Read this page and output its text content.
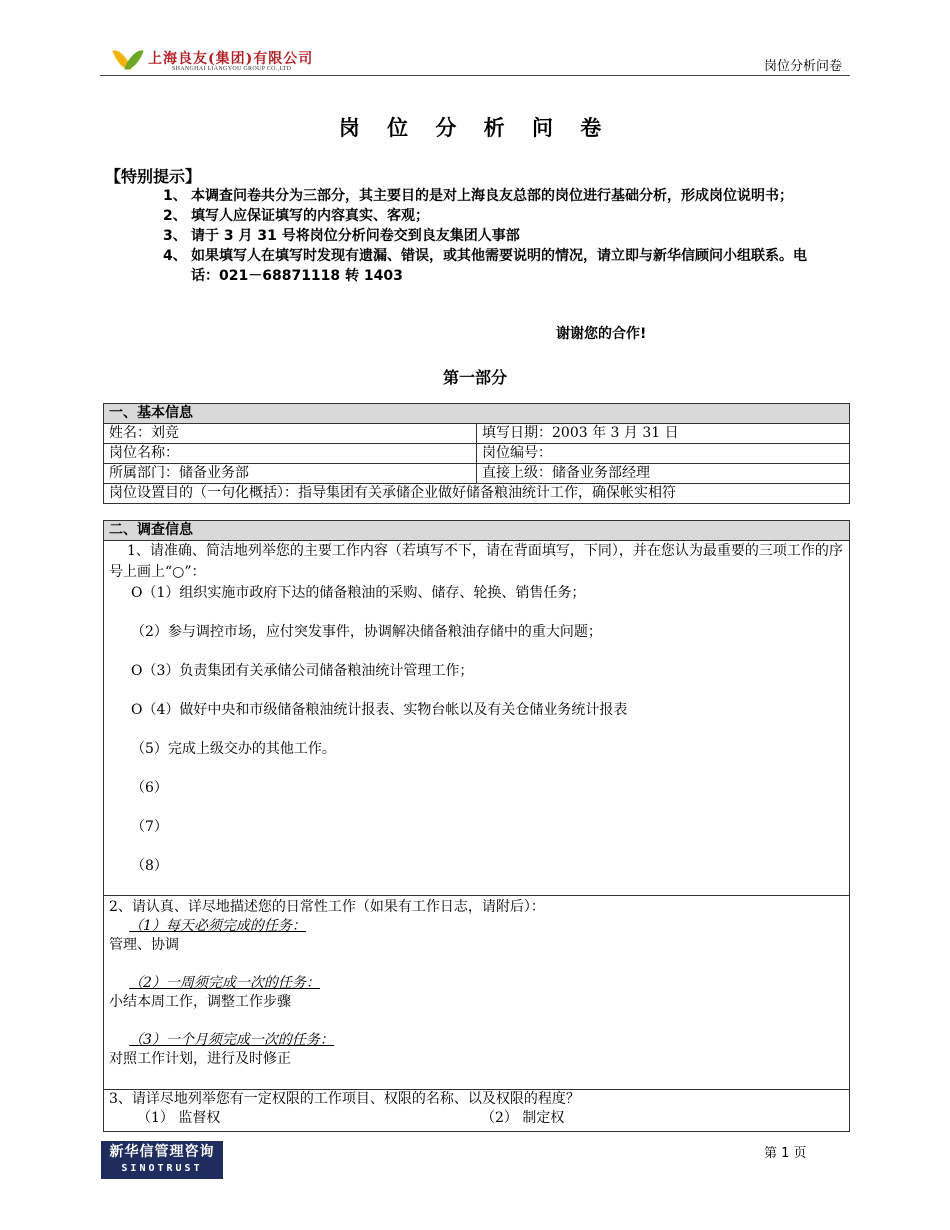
上海良友(集团)有限公司
SHANGHAI LIANGYOU GROUP CO.,LTD	岗位分析问卷
岗 位 分 析 问 卷
【特别提示】
1、 本调查问卷共分为三部分，其主要目的是对上海良友总部的岗位进行基础分析，形成岗位说明书；
2、 填写人应保证填写的内容真实、客观；
3、 请于 3 月 31 号将岗位分析问卷交到良友集团人事部
4、 如果填写人在填写时发现有遗漏、错误，或其他需要说明的情况，请立即与新华信顾问小组联系。电话：021－68871118 转 1403
谢谢您的合作!
第一部分
一、基本信息	
姓名：刘竞	填写日期：2003 年 3 月 31 日
岗位名称：	岗位编号：
所属部门：储备业务部	直接上级：储备业务部经理
岗位设置目的（一句化概括）：指导集团有关承储企业做好储备粮油统计工作，确保帐实相符	
二、调查信息

1、请准确、简洁地列举您的主要工作内容（若填写不下，请在背面填写，下同），并在您认为最重要的三项工作的序号上画上“○”：
O（1）组织实施市政府下达的储备粮油的采购、储存、轮换、销售任务；
（2）参与调控市场，应付突发事件，协调解决储备粮油存储中的重大问题；
O（3）负责集团有关承储公司储备粮油统计管理工作；
O（4）做好中央和市级储备粮油统计报表、实物台帐以及有关仓储业务统计报表
（5）完成上级交办的其他工作。
（6）
（7）
（8）

2、请认真、详尽地描述您的日常性工作（如果有工作日志，请附后）：
（1）每天必须完成的任务：
管理、协调
（2）一周须完成一次的任务：
小结本周工作，调整工作步骤
（3）一个月须完成一次的任务：
对照工作计划，进行及时修正

3、请详尽地列举您有一定权限的工作项目、权限的名称、以及权限的程度？
（1） 监督权	（2） 制定权
新华信管理咨询
SINOTRUST
第 1 页
